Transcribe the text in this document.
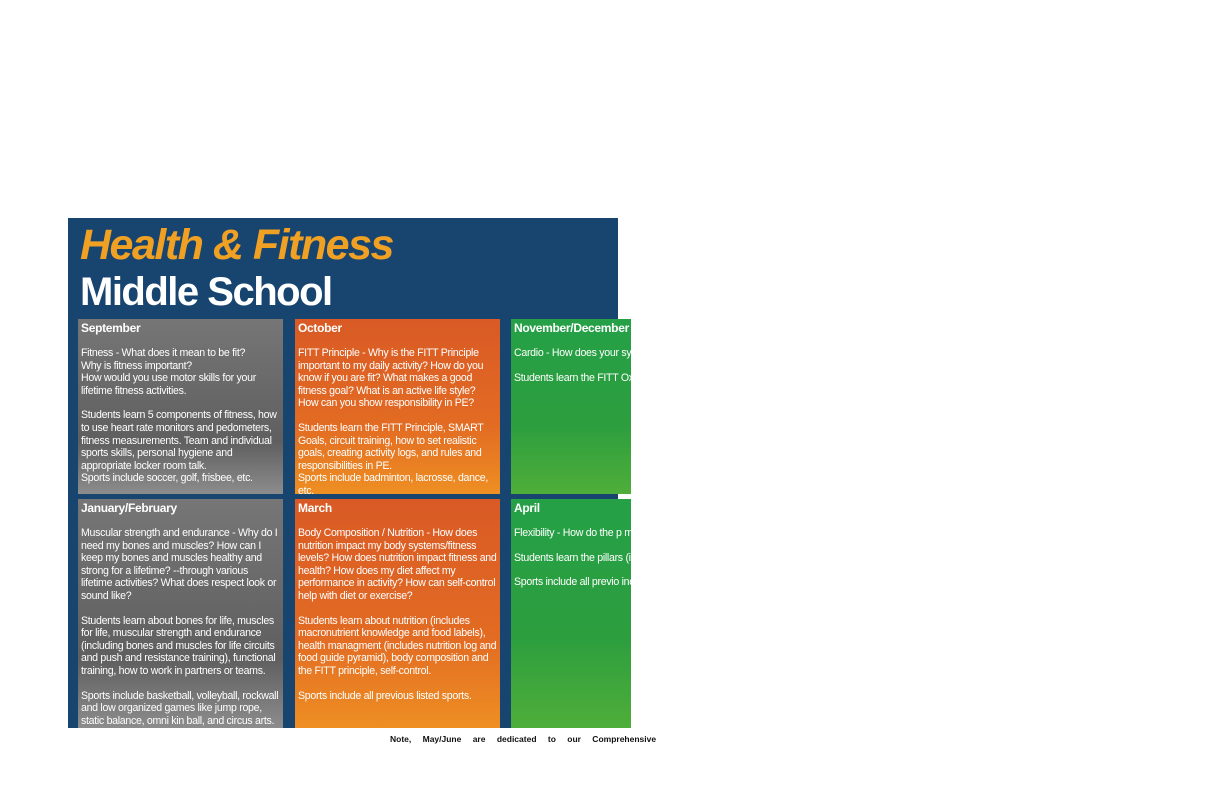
Health & Fitness
Middle School
September

Fitness - What does it mean to be fit?
Why is fitness important?
How would you use motor skills for your lifetime fitness activities.

Students learn 5 components of fitness, how to use heart rate monitors and pedometers, fitness measurements. Team and individual sports skills, personal hygiene and appropriate locker room talk.
Sports include soccer, golf, frisbee, etc.

October

FITT Principle - Why is the FITT Principle important to my daily activity? How do you know if you are fit? What makes a good fitness goal? What is an active life style? How can you show responsibility in PE?

Students learn the FITT Principle, SMART Goals, circuit training, how to set realistic goals, creating activity logs, and rules and responsibilities in PE.
Sports include badminton, lacrosse, dance, etc.

November/December

Cardio - How does your system relate to quality o impact of intensity on yo do you maintain an activ How can you effectively

Students learn the FITT Oxygen delivery system circuits with emphasis o training, aerobics, monit Sports include hockey, v

January/February

Muscular strength and endurance - Why do I need my bones and muscles? How can I keep my bones and muscles healthy and strong for a lifetime? --through various lifetime activities? What does respect look or sound like?

Students learn about bones for life, muscles for life, muscular strength and endurance (including bones and muscles for life circuits and push and resistance training), functional training, how to work in partners or teams.

Sports include basketball, volleyball, rockwall and low organized games like jump rope, static balance, omni kin ball, and circus arts.

March

Body Composition / Nutrition - How does nutrition impact my body systems/fitness levels? How does nutrition impact fitness and health? How does my diet affect my performance in activity? How can self-control help with diet or exercise?

Students learn about nutrition (includes macronutrient knowledge and food labels), health managment (includes nutrition log and food guide pyramid), body composition and the FITT principle, self-control.

Sports include all previous listed sports.

April

Flexibility - How do the p movement affect me in r is flexibility important to to exercise using the pill movement? How does f performance in activity? important?

Students learn the pillars (including miming and d core and whole class fun about integrity and hone

Sports include all previo including yoga and plate

Note, May/June are dedicated to our Comprehensive
